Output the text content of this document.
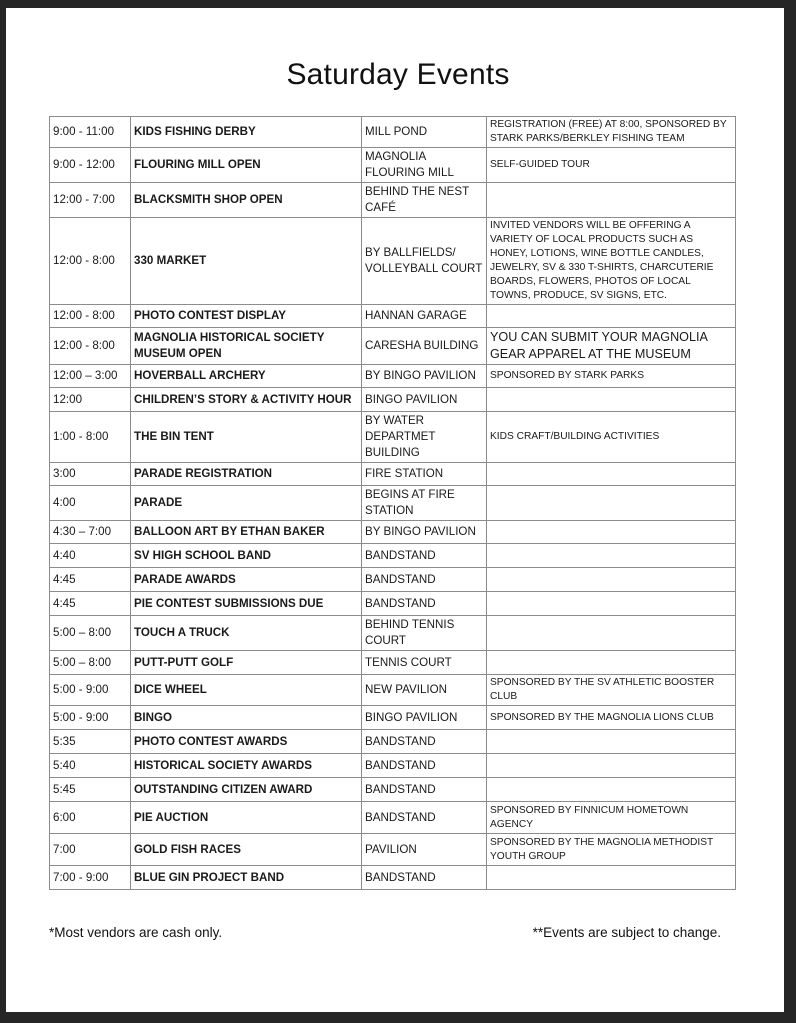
Saturday Events
9:00 - 11:00	KIDS FISHING DERBY	MILL POND	REGISTRATION (FREE) AT 8:00, SPONSORED BY STARK PARKS/BERKLEY FISHING TEAM
9:00 - 12:00	FLOURING MILL OPEN	MAGNOLIA FLOURING MILL	SELF-GUIDED TOUR
12:00 - 7:00	BLACKSMITH SHOP OPEN	BEHIND THE NEST CAFÉ	
12:00 - 8:00	330 MARKET	BY BALLFIELDS/ VOLLEYBALL COURT	INVITED VENDORS WILL BE OFFERING A VARIETY OF LOCAL PRODUCTS SUCH AS HONEY, LOTIONS, WINE BOTTLE CANDLES, JEWELRY, SV & 330 T-SHIRTS, CHARCUTERIE BOARDS, FLOWERS, PHOTOS OF LOCAL TOWNS, PRODUCE, SV SIGNS, ETC.
12:00 - 8:00	PHOTO CONTEST DISPLAY	HANNAN GARAGE	
12:00 - 8:00	MAGNOLIA HISTORICAL SOCIETY MUSEUM OPEN	CARESHA BUILDING	YOU CAN SUBMIT YOUR MAGNOLIA GEAR APPAREL AT THE MUSEUM
12:00 – 3:00	HOVERBALL ARCHERY	BY BINGO PAVILION	SPONSORED BY STARK PARKS
12:00	CHILDREN’S STORY & ACTIVITY HOUR	BINGO PAVILION	
1:00 - 8:00	THE BIN TENT	BY WATER DEPARTMET BUILDING	KIDS CRAFT/BUILDING ACTIVITIES
3:00	PARADE REGISTRATION	FIRE STATION	
4:00	PARADE	BEGINS AT FIRE STATION	
4:30 – 7:00	BALLOON ART BY ETHAN BAKER	BY BINGO PAVILION	
4:40	SV HIGH SCHOOL BAND	BANDSTAND	
4:45	PARADE AWARDS	BANDSTAND	
4:45	PIE CONTEST SUBMISSIONS DUE	BANDSTAND	
5:00 – 8:00	TOUCH A TRUCK	BEHIND TENNIS COURT	
5:00 – 8:00	PUTT-PUTT GOLF	TENNIS COURT	
5:00 - 9:00	DICE WHEEL	NEW PAVILION	SPONSORED BY THE SV ATHLETIC BOOSTER CLUB
5:00 - 9:00	BINGO	BINGO PAVILION	SPONSORED BY THE MAGNOLIA LIONS CLUB
5:35	PHOTO CONTEST AWARDS	BANDSTAND	
5:40	HISTORICAL SOCIETY AWARDS	BANDSTAND	
5:45	OUTSTANDING CITIZEN AWARD	BANDSTAND	
6:00	PIE AUCTION	BANDSTAND	SPONSORED BY FINNICUM HOMETOWN AGENCY
7:00	GOLD FISH RACES	PAVILION	SPONSORED BY THE MAGNOLIA METHODIST YOUTH GROUP
7:00 - 9:00	BLUE GIN PROJECT BAND	BANDSTAND	
*Most vendors are cash only.	**Events are subject to change.
